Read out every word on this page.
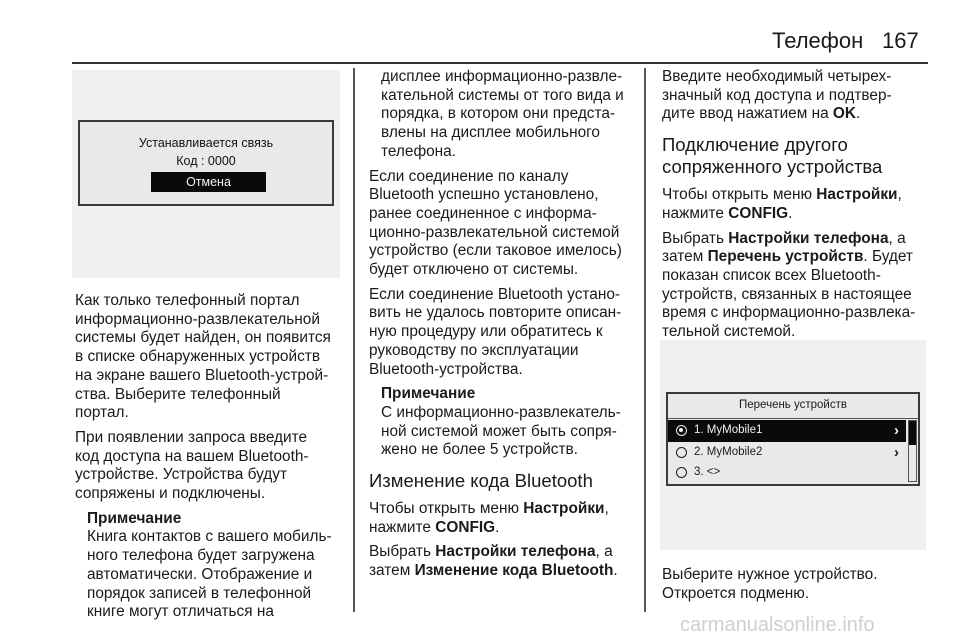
Телефон 167
Устанавливается связь
Код : 0000
Отмена

Как только телефонный портал
информационно-развлекательной
системы будет найден, он появится
в списке обнаруженных устройств
на экране вашего Bluetooth-устрой‐
ства. Выберите телефонный
портал.

При появлении запроса введите
код доступа на вашем Bluetooth-
устройстве. Устройства будут
сопряжены и подключены.

Примечание
Книга контактов с вашего мобиль‐
ного телефона будет загружена
автоматически. Отображение и
порядок записей в телефонной
книге могут отличаться на
дисплее информационно-развле‐
кательной системы от того вида и
порядка, в котором они предста‐
влены на дисплее мобильного
телефона.

Если соединение по каналу
Bluetooth успешно установлено,
ранее соединенное с информа‐
ционно-развлекательной системой
устройство (если таковое имелось)
будет отключено от системы.

Если соединение Bluetooth устано‐
вить не удалось повторите описан‐
ную процедуру или обратитесь к
руководству по эксплуатации
Bluetooth-устройства.

Примечание
С информационно-развлекатель‐
ной системой может быть сопря‐
жено не более 5 устройств.
Изменение кода Bluetooth

Чтобы открыть меню Настройки,
нажмите CONFIG.

Выбрать Настройки телефона, а
затем Изменение кода Bluetooth.

Введите необходимый четырех-
значный код доступа и подтвер-
дите ввод нажатием на OK.

Подключение другого
сопряженного устройства

Чтобы открыть меню Настройки,
нажмите CONFIG.

Выбрать Настройки телефона, а
затем Перечень устройств. Будет
показан список всех Bluetooth-
устройств, связанных в настоящее
время с информационно-развлека‐
тельной системой.

Перечень устройств
1. MyMobile1	›
2. MyMobile2	›
3. <>

Выберите нужное устройство.
Откроется подменю.

carmanualsonline.info
